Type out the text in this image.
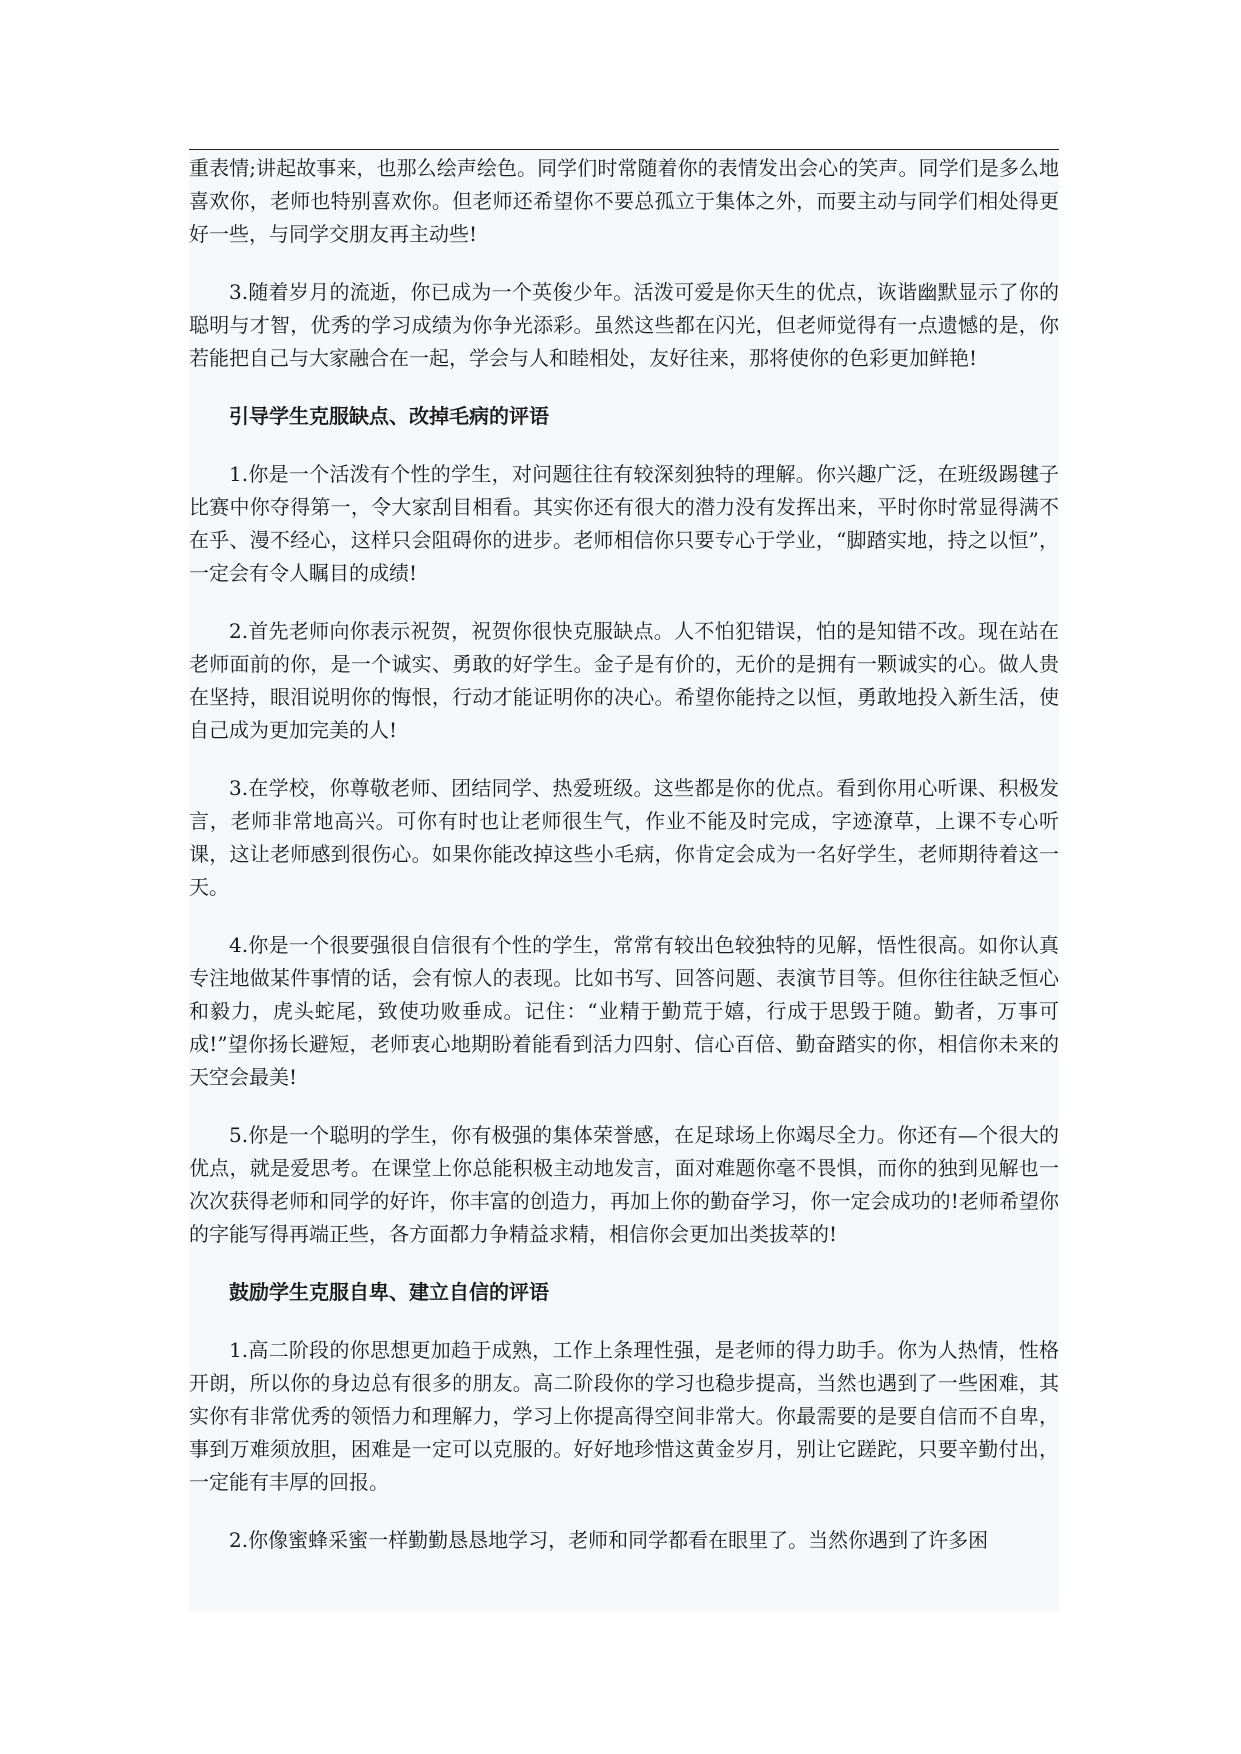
重表情;讲起故事来，也那么绘声绘色。同学们时常随着你的表情发出会心的笑声。同学们是多么地喜欢你，老师也特别喜欢你。但老师还希望你不要总孤立于集体之外，而要主动与同学们相处得更好一些，与同学交朋友再主动些!

3.随着岁月的流逝，你已成为一个英俊少年。活泼可爱是你天生的优点，诙谐幽默显示了你的聪明与才智，优秀的学习成绩为你争光添彩。虽然这些都在闪光，但老师觉得有一点遗憾的是，你若能把自己与大家融合在一起，学会与人和睦相处，友好往来，那将使你的色彩更加鲜艳!

引导学生克服缺点、改掉毛病的评语

1.你是一个活泼有个性的学生，对问题往往有较深刻独特的理解。你兴趣广泛，在班级踢毽子比赛中你夺得第一，令大家刮目相看。其实你还有很大的潜力没有发挥出来，平时你时常显得满不在乎、漫不经心，这样只会阻碍你的进步。老师相信你只要专心于学业，“脚踏实地，持之以恒”，一定会有令人瞩目的成绩!

2.首先老师向你表示祝贺，祝贺你很快克服缺点。人不怕犯错误，怕的是知错不改。现在站在老师面前的你，是一个诚实、勇敢的好学生。金子是有价的，无价的是拥有一颗诚实的心。做人贵在坚持，眼泪说明你的悔恨，行动才能证明你的决心。希望你能持之以恒，勇敢地投入新生活，使自己成为更加完美的人!

3.在学校，你尊敬老师、团结同学、热爱班级。这些都是你的优点。看到你用心听课、积极发言，老师非常地高兴。可你有时也让老师很生气，作业不能及时完成，字迹潦草，上课不专心听课，这让老师感到很伤心。如果你能改掉这些小毛病，你肯定会成为一名好学生，老师期待着这一天。

4.你是一个很要强很自信很有个性的学生，常常有较出色较独特的见解，悟性很高。如你认真专注地做某件事情的话，会有惊人的表现。比如书写、回答问题、表演节目等。但你往往缺乏恒心和毅力，虎头蛇尾，致使功败垂成。记住：“业精于勤荒于嬉，行成于思毁于随。勤者，万事可成!”望你扬长避短，老师衷心地期盼着能看到活力四射、信心百倍、勤奋踏实的你，相信你未来的天空会最美!

5.你是一个聪明的学生，你有极强的集体荣誉感，在足球场上你竭尽全力。你还有—个很大的优点，就是爱思考。在课堂上你总能积极主动地发言，面对难题你毫不畏惧，而你的独到见解也一次次获得老师和同学的好许，你丰富的创造力，再加上你的勤奋学习，你一定会成功的!老师希望你的字能写得再端正些，各方面都力争精益求精，相信你会更加出类拔萃的!

鼓励学生克服自卑、建立自信的评语

1.高二阶段的你思想更加趋于成熟，工作上条理性强，是老师的得力助手。你为人热情，性格开朗，所以你的身边总有很多的朋友。高二阶段你的学习也稳步提高，当然也遇到了一些困难，其实你有非常优秀的领悟力和理解力，学习上你提高得空间非常大。你最需要的是要自信而不自卑，事到万难须放胆，困难是一定可以克服的。好好地珍惜这黄金岁月，别让它蹉跎，只要辛勤付出，一定能有丰厚的回报。

2.你像蜜蜂采蜜一样勤勤恳恳地学习，老师和同学都看在眼里了。当然你遇到了许多困
